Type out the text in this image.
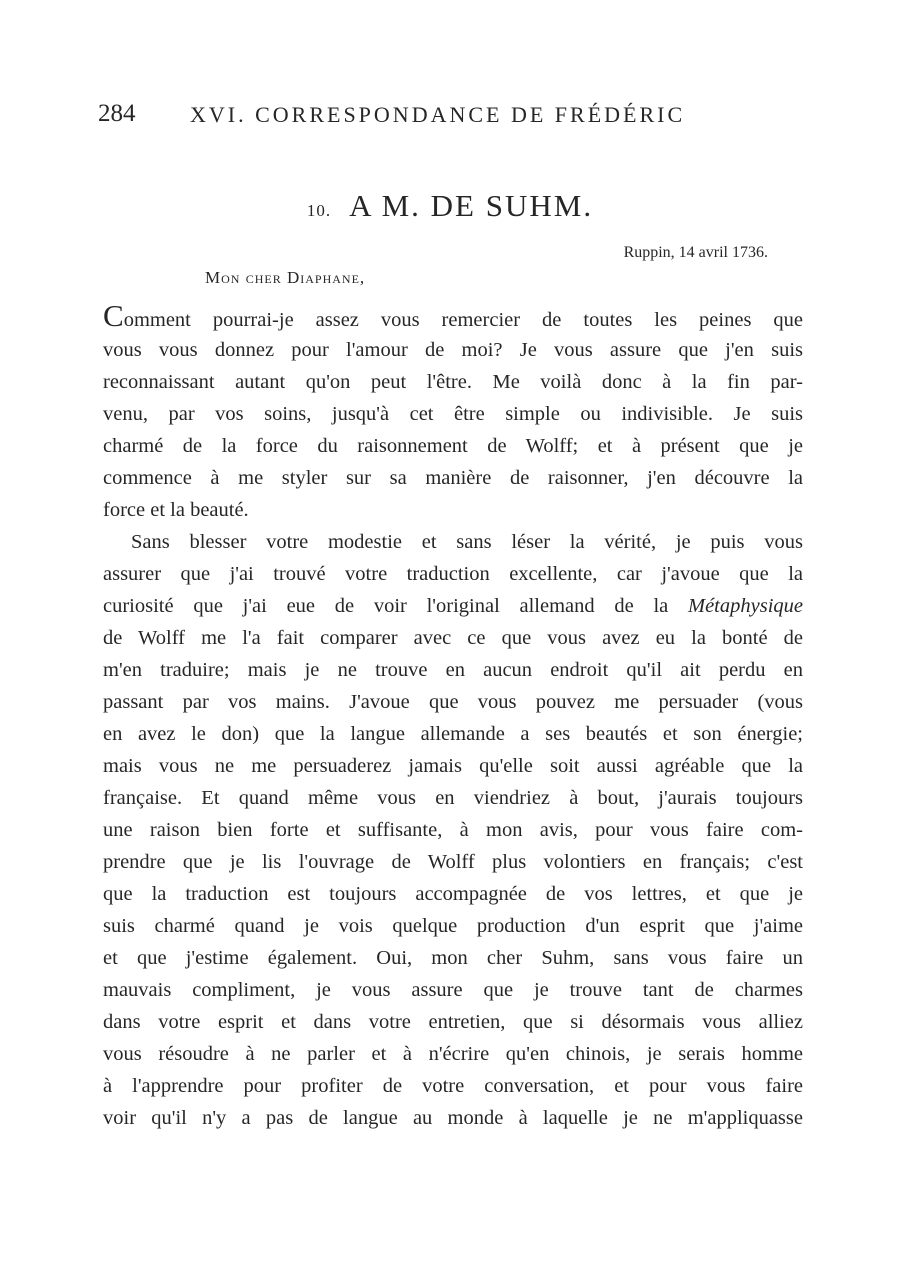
284 XVI. CORRESPONDANCE DE FRÉDÉRIC
10. A M. DE SUHM.
Ruppin, 14 avril 1736.
Mon cher Diaphane,
Comment pourrai-je assez vous remercier de toutes les peines que
vous vous donnez pour l'amour de moi? Je vous assure que j'en suis
reconnaissant autant qu'on peut l'être. Me voilà donc à la fin par-
venu, par vos soins, jusqu'à cet être simple ou indivisible. Je suis
charmé de la force du raisonnement de Wolff; et à présent que je
commence à me styler sur sa manière de raisonner, j'en découvre la
force et la beauté.
Sans blesser votre modestie et sans léser la vérité, je puis vous
assurer que j'ai trouvé votre traduction excellente, car j'avoue que la
curiosité que j'ai eue de voir l'original allemand de la Métaphysique
de Wolff me l'a fait comparer avec ce que vous avez eu la bonté de
m'en traduire; mais je ne trouve en aucun endroit qu'il ait perdu en
passant par vos mains. J'avoue que vous pouvez me persuader (vous
en avez le don) que la langue allemande a ses beautés et son énergie;
mais vous ne me persuaderez jamais qu'elle soit aussi agréable que la
française. Et quand même vous en viendriez à bout, j'aurais toujours
une raison bien forte et suffisante, à mon avis, pour vous faire com-
prendre que je lis l'ouvrage de Wolff plus volontiers en français; c'est
que la traduction est toujours accompagnée de vos lettres, et que je
suis charmé quand je vois quelque production d'un esprit que j'aime
et que j'estime également. Oui, mon cher Suhm, sans vous faire un
mauvais compliment, je vous assure que je trouve tant de charmes
dans votre esprit et dans votre entretien, que si désormais vous alliez
vous résoudre à ne parler et à n'écrire qu'en chinois, je serais homme
à l'apprendre pour profiter de votre conversation, et pour vous faire
voir qu'il n'y a pas de langue au monde à laquelle je ne m'appliquasse
